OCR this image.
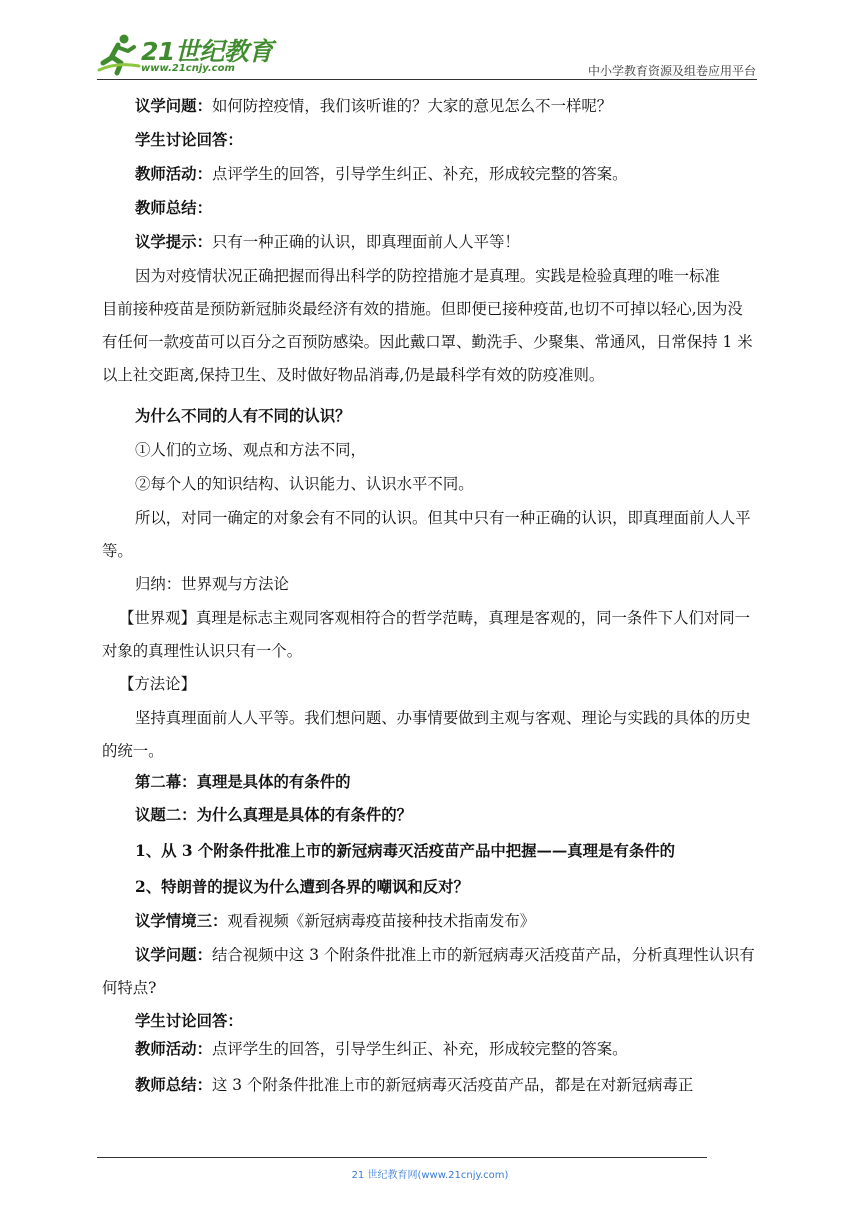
21世纪教育
www.21cnjy.com	中小学教育资源及组卷应用平台

议学问题：如何防控疫情，我们该听谁的？大家的意见怎么不一样呢？

学生讨论回答：

教师活动：点评学生的回答，引导学生纠正、补充，形成较完整的答案。

教师总结：

议学提示：只有一种正确的认识，即真理面前人人平等！

因为对疫情状况正确把握而得出科学的防控措施才是真理。实践是检验真理的唯一标准

目前接种疫苗是预防新冠肺炎最经济有效的措施。但即便已接种疫苗,也切不可掉以轻心,因为没有任何一款疫苗可以百分之百预防感染。因此戴口罩、勤洗手、少聚集、常通风，日常保持 1 米以上社交距离,保持卫生、及时做好物品消毒,仍是最科学有效的防疫准则。

为什么不同的人有不同的认识？

①人们的立场、观点和方法不同，

②每个人的知识结构、认识能力、认识水平不同。

所以，对同一确定的对象会有不同的认识。但其中只有一种正确的认识，即真理面前人人平等。

归纳：世界观与方法论

【世界观】真理是标志主观同客观相符合的哲学范畴，真理是客观的，同一条件下人们对同一对象的真理性认识只有一个。

【方法论】

坚持真理面前人人平等。我们想问题、办事情要做到主观与客观、理论与实践的具体的历史的统一。

第二幕：真理是具体的有条件的

议题二：为什么真理是具体的有条件的？

1、从 3 个附条件批准上市的新冠病毒灭活疫苗产品中把握——真理是有条件的

2、特朗普的提议为什么遭到各界的嘲讽和反对？

议学情境三：观看视频《新冠病毒疫苗接种技术指南发布》

议学问题：结合视频中这 3 个附条件批准上市的新冠病毒灭活疫苗产品，分析真理性认识有何特点?

学生讨论回答：

教师活动：点评学生的回答，引导学生纠正、补充，形成较完整的答案。

教师总结：这 3 个附条件批准上市的新冠病毒灭活疫苗产品，都是在对新冠病毒正

21 世纪教育网(www.21cnjy.com)
